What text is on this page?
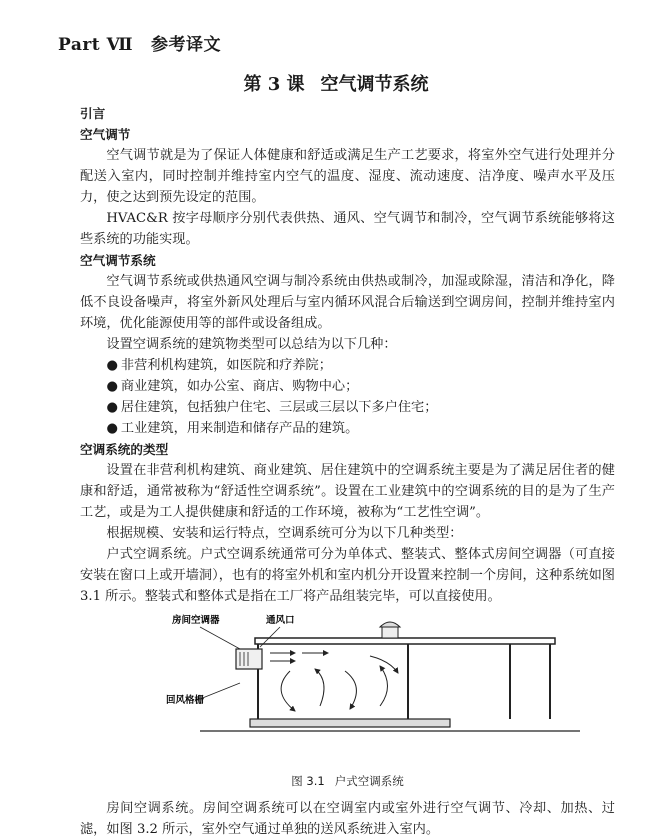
Part Ⅶ 参考译文
第 3 课 空气调节系统
引言
空气调节

空气调节就是为了保证人体健康和舒适或满足生产工艺要求，将室外空气进行处理并分配送入室内，同时控制并维持室内空气的温度、湿度、流动速度、洁净度、噪声水平及压力，使之达到预先设定的范围。

HVAC&R 按字母顺序分别代表供热、通风、空气调节和制冷，空气调节系统能够将这些系统的功能实现。

空气调节系统

空气调节系统或供热通风空调与制冷系统由供热或制冷，加湿或除湿，清洁和净化，降低不良设备噪声，将室外新风处理后与室内循环风混合后输送到空调房间，控制并维持室内环境，优化能源使用等的部件或设备组成。

设置空调系统的建筑物类型可以总结为以下几种：

● 非营利机构建筑，如医院和疗养院；
● 商业建筑，如办公室、商店、购物中心；
● 居住建筑，包括独户住宅、三层或三层以下多户住宅；
● 工业建筑，用来制造和储存产品的建筑。
空调系统的类型

设置在非营利机构建筑、商业建筑、居住建筑中的空调系统主要是为了满足居住者的健康和舒适，通常被称为“舒适性空调系统”。设置在工业建筑中的空调系统的目的是为了生产工艺，或是为工人提供健康和舒适的工作环境，被称为“工艺性空调”。

根据规模、安装和运行特点，空调系统可分为以下几种类型：

户式空调系统。户式空调系统通常可分为单体式、整装式、整体式房间空调器（可直接安装在窗口上或开墙洞），也有的将室外机和室内机分开设置来控制一个房间，这种系统如图 3.1 所示。整装式和整体式是指在工厂将产品组装完毕，可以直接使用。

房间空调器	通风口
回风格栅
图 3.1 户式空调系统

房间空调系统。房间空调系统可以在空调室内或室外进行空气调节、冷却、加热、过滤，如图 3.2 所示，室外空气通过单独的送风系统进入室内。
